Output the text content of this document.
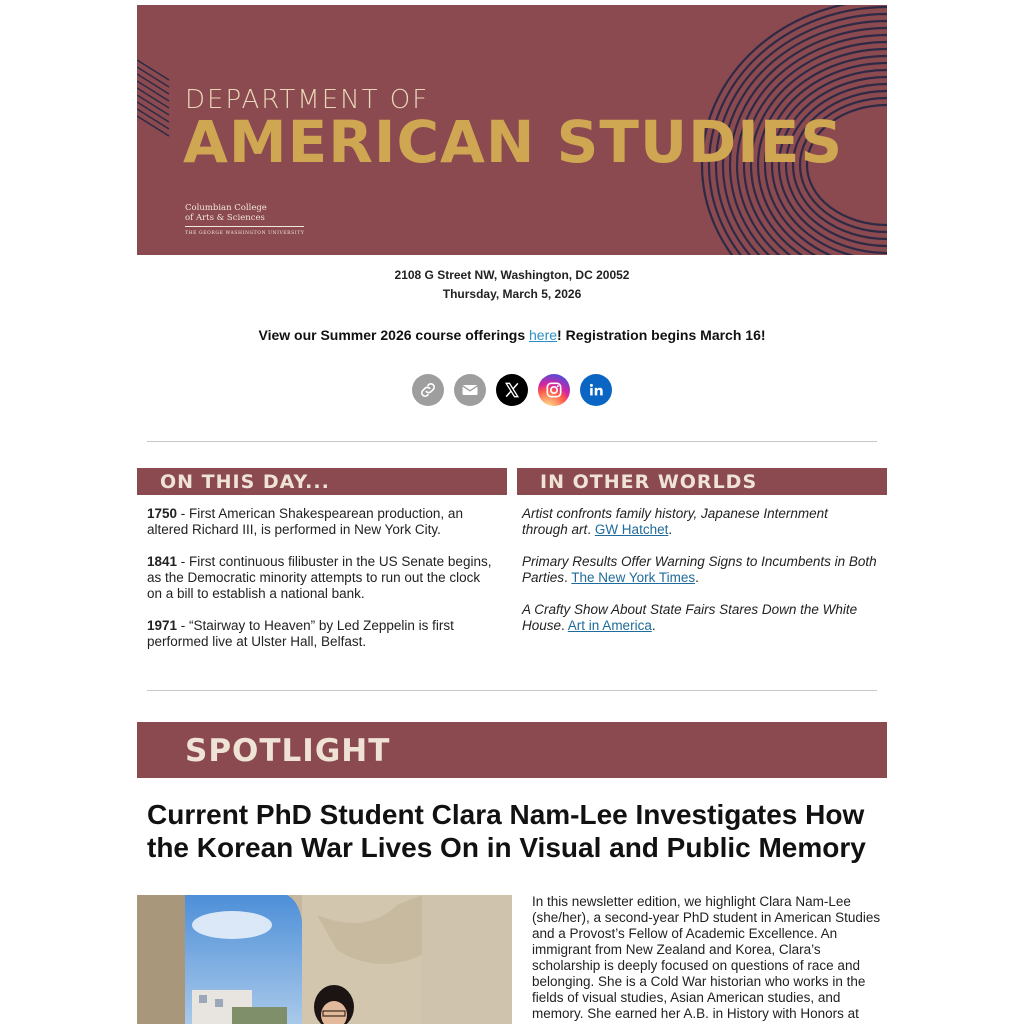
DEPARTMENT OF
AMERICAN STUDIES
Columbian College
of Arts & Sciences
THE GEORGE WASHINGTON UNIVERSITY
2108 G Street NW, Washington, DC 20052
Thursday, March 5, 2026
View our Summer 2026 course offerings here! Registration begins March 16!
ON THIS DAY...

1750 - First American Shakespearean production, an altered Richard III, is performed in New York City.

1841 - First continuous filibuster in the US Senate begins, as the Democratic minority attempts to run out the clock on a bill to establish a national bank.

1971 - “Stairway to Heaven” by Led Zeppelin is first performed live at Ulster Hall, Belfast.

IN OTHER WORLDS

Artist confronts family history, Japanese Internment through art. GW Hatchet.

Primary Results Offer Warning Signs to Incumbents in Both Parties. The New York Times.

A Crafty Show About State Fairs Stares Down the White House. Art in America.

SPOTLIGHT
Current PhD Student Clara Nam-Lee Investigates How the Korean War Lives On in Visual and Public Memory
In this newsletter edition, we highlight Clara Nam-Lee (she/her), a second-year PhD student in American Studies and a Provost’s Fellow of Academic Excellence. An immigrant from New Zealand and Korea, Clara’s scholarship is deeply focused on questions of race and belonging. She is a Cold War historian who works in the fields of visual studies, Asian American studies, and memory. She earned her A.B. in History with Honors at
